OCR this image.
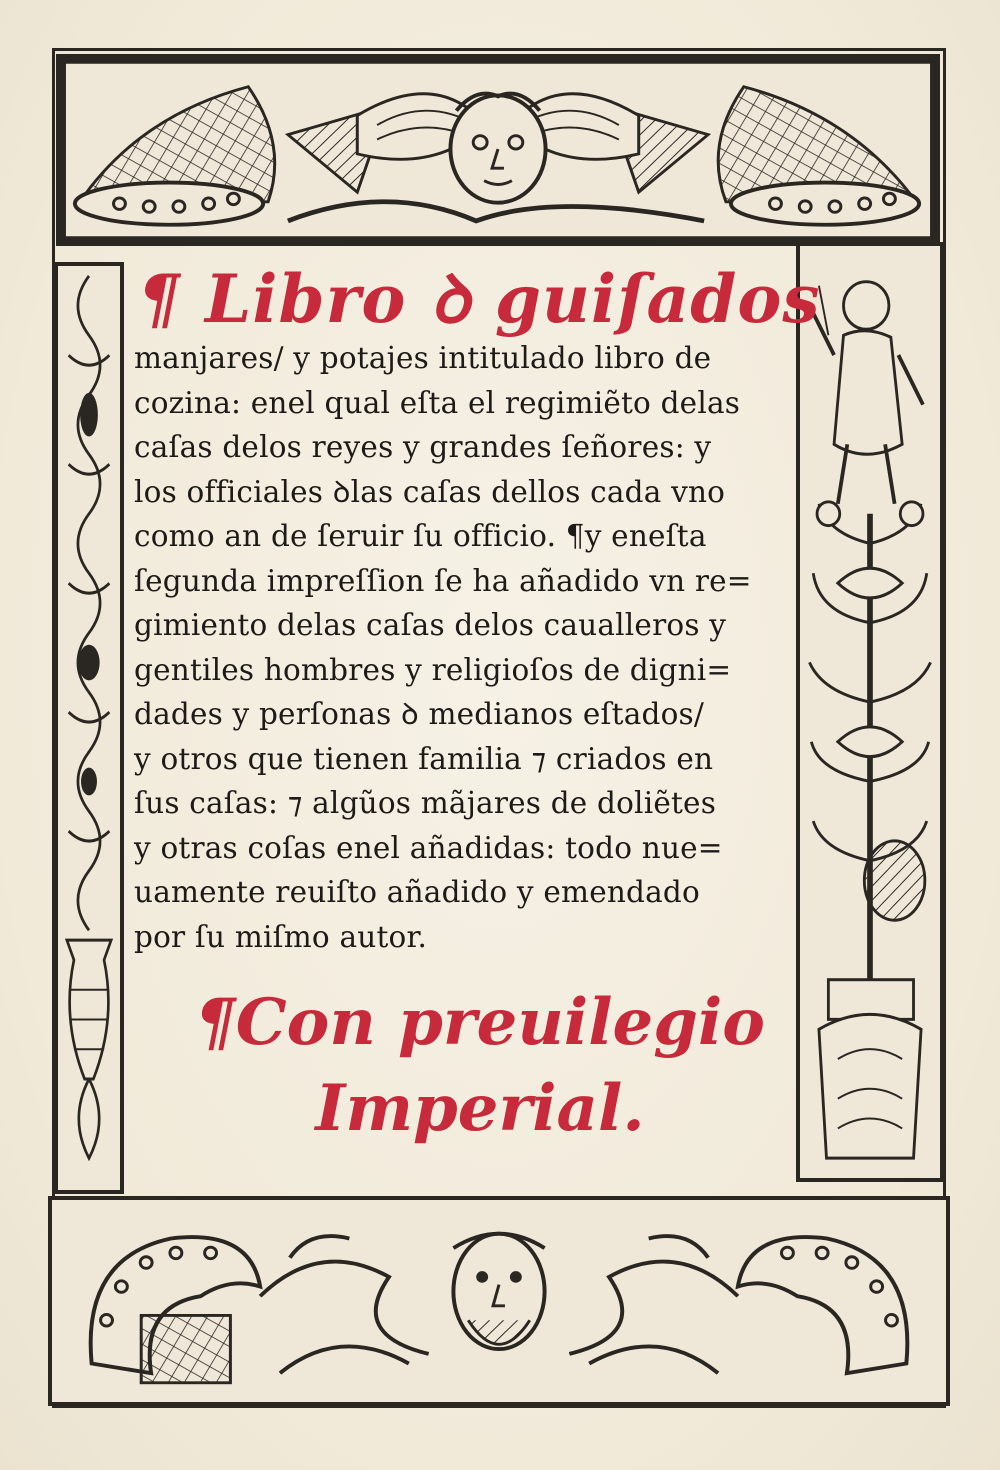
¶ Libro ꝺ guiſados
manjares/ y potajes intitulado libro de
cozina: enel qual eſta el regimiẽto delas
caſas delos reyes y grandes ſeñores: y
los officiales ꝺlas caſas dellos cada vno
como an de ſeruir ſu officio. ¶y eneſta
ſegunda impreſſion ſe ha añadido vn re=
gimiento delas caſas delos caualleros y
gentiles hombres y religioſos de digni=
dades y perſonas ꝺ medianos eſtados/
y otros que tienen familia ⁊ criados en
ſus caſas: ⁊ algũos mãjares de doliẽtes
y otras coſas enel añadidas: todo nue=
uamente reuiſto añadido y emendado
por ſu miſmo autor.
¶Con preuilegio
Imperial.
